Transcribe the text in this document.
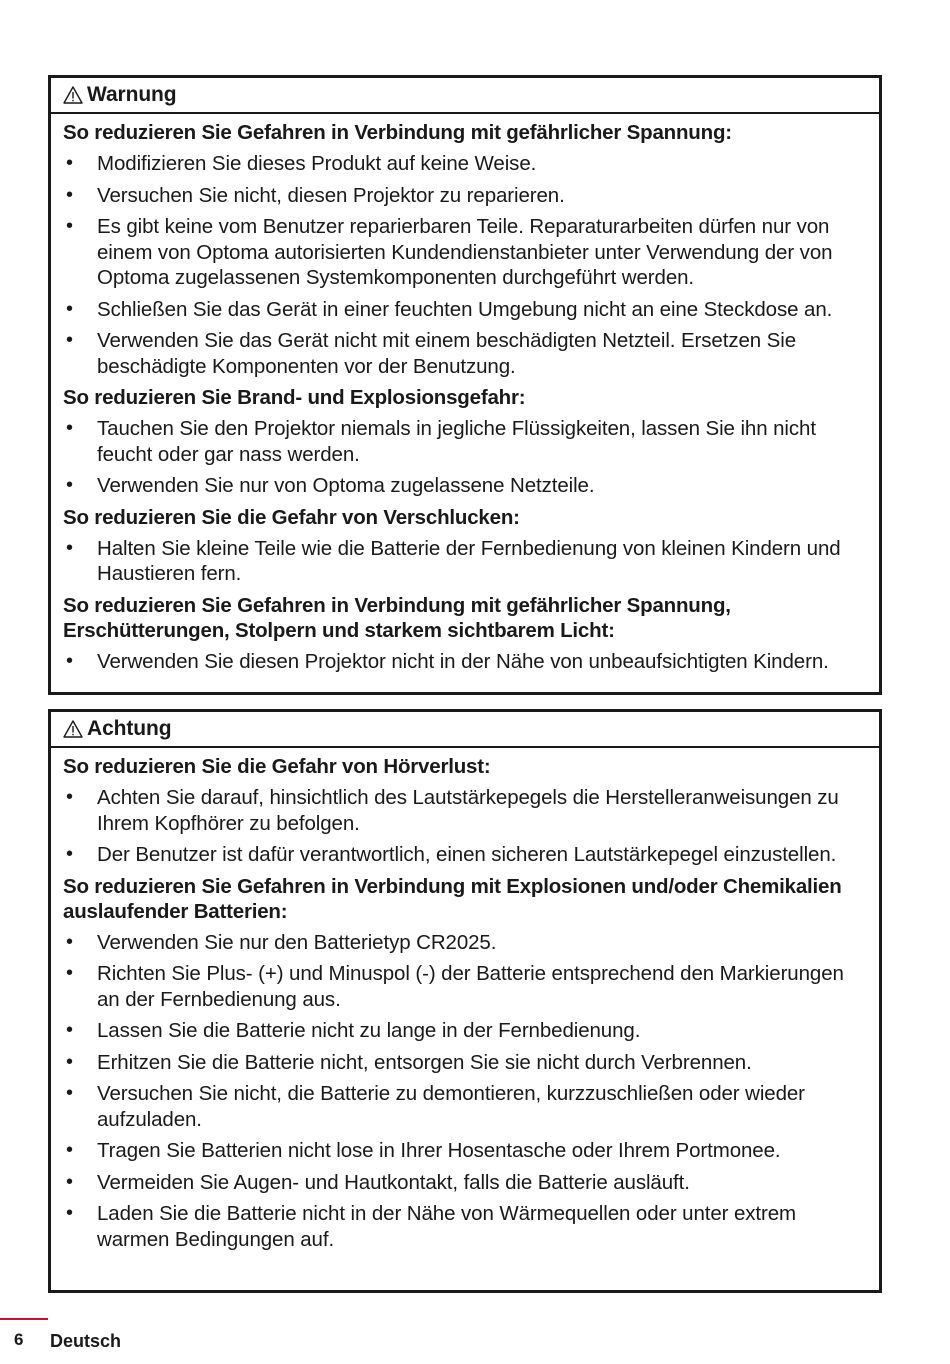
Warnung
So reduzieren Sie Gefahren in Verbindung mit gefährlicher Spannung:
• Modifizieren Sie dieses Produkt auf keine Weise.
• Versuchen Sie nicht, diesen Projektor zu reparieren.
• Es gibt keine vom Benutzer reparierbaren Teile. Reparaturarbeiten dürfen nur von einem von Optoma autorisierten Kundendienstanbieter unter Verwendung der von Optoma zugelassenen Systemkomponenten durchgeführt werden.
• Schließen Sie das Gerät in einer feuchten Umgebung nicht an eine Steckdose an.
• Verwenden Sie das Gerät nicht mit einem beschädigten Netzteil. Ersetzen Sie beschädigte Komponenten vor der Benutzung.
So reduzieren Sie Brand- und Explosionsgefahr:
• Tauchen Sie den Projektor niemals in jegliche Flüssigkeiten, lassen Sie ihn nicht feucht oder gar nass werden.
• Verwenden Sie nur von Optoma zugelassene Netzteile.
So reduzieren Sie die Gefahr von Verschlucken:
• Halten Sie kleine Teile wie die Batterie der Fernbedienung von kleinen Kindern und Haustieren fern.
So reduzieren Sie Gefahren in Verbindung mit gefährlicher Spannung, Erschütterungen, Stolpern und starkem sichtbarem Licht:
• Verwenden Sie diesen Projektor nicht in der Nähe von unbeaufsichtigten Kindern.
Achtung
So reduzieren Sie die Gefahr von Hörverlust:
• Achten Sie darauf, hinsichtlich des Lautstärkepegels die Herstelleranweisungen zu Ihrem Kopfhörer zu befolgen.
• Der Benutzer ist dafür verantwortlich, einen sicheren Lautstärkepegel einzustellen.
So reduzieren Sie Gefahren in Verbindung mit Explosionen und/oder Chemikalien auslaufender Batterien:
• Verwenden Sie nur den Batterietyp CR2025.
• Richten Sie Plus- (+) und Minuspol (-) der Batterie entsprechend den Markierungen an der Fernbedienung aus.
• Lassen Sie die Batterie nicht zu lange in der Fernbedienung.
• Erhitzen Sie die Batterie nicht, entsorgen Sie sie nicht durch Verbrennen.
• Versuchen Sie nicht, die Batterie zu demontieren, kurzzuschließen oder wieder aufzuladen.
• Tragen Sie Batterien nicht lose in Ihrer Hosentasche oder Ihrem Portmonee.
• Vermeiden Sie Augen- und Hautkontakt, falls die Batterie ausläuft.
• Laden Sie die Batterie nicht in der Nähe von Wärmequellen oder unter extrem warmen Bedingungen auf.
6 Deutsch
